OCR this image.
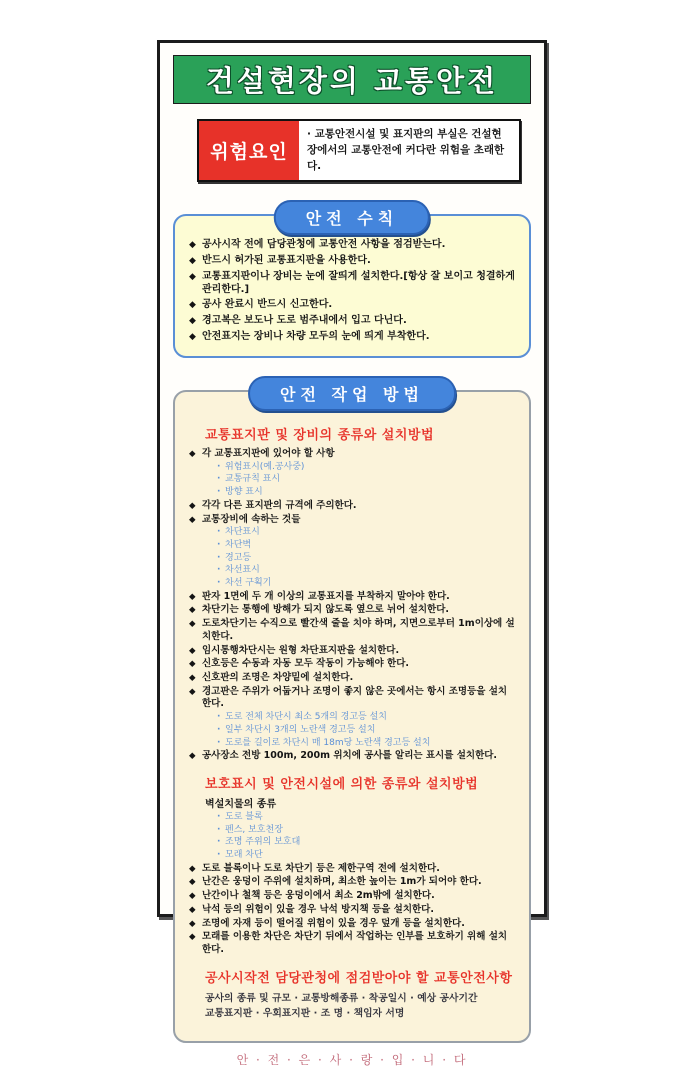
건설현장의 교통안전
위험요인
· 교통안전시설 및 표지판의 부실은 건설현장에서의 교통안전에 커다란 위험을 초래한다.
안전 수칙
◆
공사시작 전에 담당관청에 교통안전 사항을 점검받는다.
◆
반드시 허가된 교통표지판을 사용한다.
◆
교통표지판이나 장비는 눈에 잘띄게 설치한다.[항상 잘 보이고 청결하게 관리한다.]
◆
공사 완료시 반드시 신고한다.
◆
경고복은 보도나 도로 범주내에서 입고 다닌다.
◆
안전표지는 장비나 차량 모두의 눈에 띄게 부착한다.
안전 작업 방법
교통표지판 및 장비의 종류와 설치방법
◆
각 교통표지판에 있어야 할 사항
·
위험표시(예.공사중)
·
교통규칙 표시
·
방향 표시
◆
각각 다른 표지판의 규격에 주의한다.
◆
교통장비에 속하는 것들
·
차단표시
·
차단벽
·
경고등
·
차선표시
·
차선 구획기
◆
판자 1면에 두 개 이상의 교통표지를 부착하지 말아야 한다.
◆
차단기는 통행에 방해가 되지 않도록 옆으로 뉘어 설치한다.
◆
도로차단기는 수직으로 빨간색 줄을 치야 하며, 지면으로부터 1m이상에 설치한다.
◆
임시통행차단시는 원형 차단표지판을 설치한다.
◆
신호등은 수동과 자동 모두 작동이 가능해야 한다.
◆
신호판의 조명은 차양밑에 설치한다.
◆
경고판은 주위가 어둡거나 조명이 좋지 않은 곳에서는 항시 조명등을 설치한다.
·
도로 전체 차단시 최소 5개의 경고등 설치
·
일부 차단시 3개의 노란색 경고등 설치
·
도로를 길이로 차단시 매 18m당 노란색 경고등 설치
◆
공사장소 전방 100m, 200m 위치에 공사를 알리는 표시를 설치한다.
보호표시 및 안전시설에 의한 종류와 설치방법
벽설치물의 종류
·
도로 블록
·
펜스, 보호천장
·
조명 주위의 보호대
·
모래 차단
◆
도로 블록이나 도로 차단기 등은 제한구역 전에 설치한다.
◆
난간은 웅덩이 주위에 설치하며, 최소한 높이는 1m가 되어야 한다.
◆
난간이나 철책 등은 웅덩이에서 최소 2m밖에 설치한다.
◆
낙석 등의 위험이 있을 경우 낙석 방지책 등을 설치한다.
◆
조명에 자재 등이 떨어질 위험이 있을 경우 덮개 등을 설치한다.
◆
모래를 이용한 차단은 차단기 뒤에서 작업하는 인부를 보호하기 위해 설치한다.
공사시작전 담당관청에 점검받아야 할 교통안전사항
공사의 종류 및 규모 · 교통방해종류 · 착공일시 · 예상 공사기간
교통표지판 · 우회표지판 · 조 명 · 책임자 서명
안 · 전 · 은 · 사 · 랑 · 입 · 니 · 다
